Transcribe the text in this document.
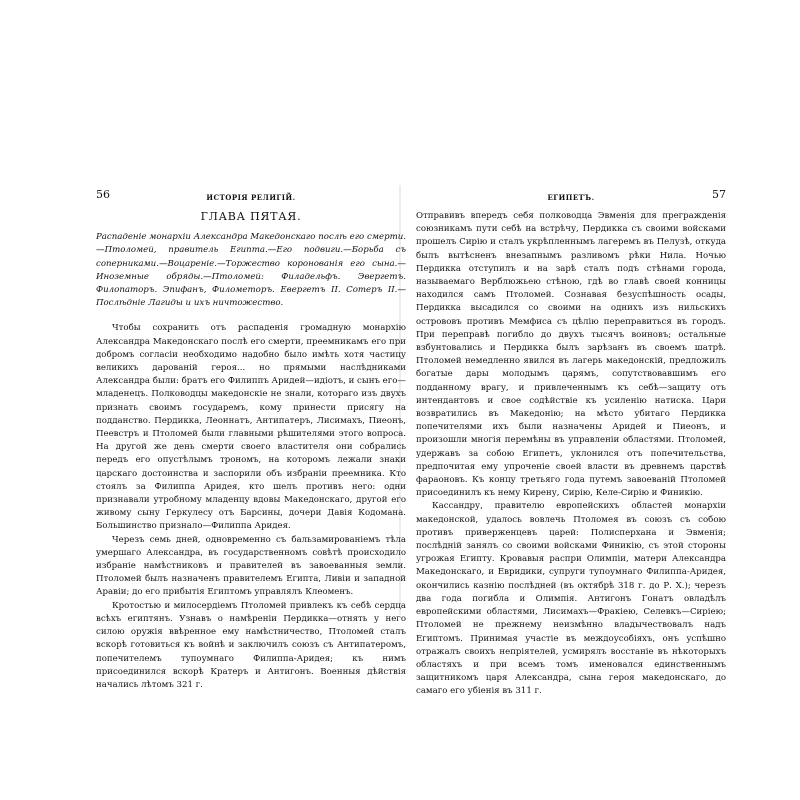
56	ИСТОРІЯ РЕЛИГІЙ.
ГЛАВА ПЯТАЯ.
Распаденіе монархіи Александра Македонскаго послѣ его смерти.—Птоломей, правитель Египта.—Его подвиги.—Борьба съ соперниками.—Воцареніе.—Торжество коронованія его сына.—Иноземные обряды.—Птоломей: Филадельфъ. Эвергетъ. Филопаторъ. Эпифанъ, Филометоръ. Евергетъ II. Сотеръ II.—Послѣдніе Лагиды и ихъ ничтожество.

Чтобы сохранить отъ распаденія громадную монархію Александра Македонскаго послѣ его смерти, преемникамъ его при добромъ согласіи необходимо надобно было имѣть хотя частицу великихъ дарованій героя... но прямыми наслѣдниками Александра были: братъ его Филиппъ Аридей—идіотъ, и сынъ его—младенецъ. Полководцы македонскіе не знали, котораго изъ двухъ признать своимъ государемъ, кому принести присягу на подданство. Пердикка, Леоннатъ, Антипатеръ, Лисимахъ, Пиеонъ, Пеевстръ и Птоломей были главными рѣшителями этого вопроса. На другой же день смерти своего властителя они собрались передъ его опустѣлымъ трономъ, на которомъ лежали знаки царскаго достоинства и заспорили объ избраніи преемника. Кто стоялъ за Филиппа Аридея, кто шелъ противъ него: одни признавали утробному младенцу вдовы Македонскаго, другой его живому сыну Геркулесу отъ Барсины, дочери Давія Кодомана. Большинство признало—Филиппа Аридея.

Черезъ семь дней, одновременно съ бальзамированіемъ тѣла умершаго Александра, въ государственномъ совѣтѣ происходило избраніе намѣстниковъ и правителей въ завоеванныя земли. Птоломей былъ назначенъ правителемъ Египта, Ливіи и западной Аравіи; до его прибытія Египтомъ управлялъ Клеоменъ.

Кротостью и милосердіемъ Птоломей привлекъ къ себѣ сердца всѣхъ египтянъ. Узнавъ о намѣреніи Пердикка—отнять у него силою оружія ввѣренное ему намѣстничество, Птоломей сталъ вскорѣ готовиться къ войнѣ и заключилъ союзъ съ Антипатеромъ, попечителемъ тупоумнаго Филиппа-Аридея; къ нимъ присоединился вскорѣ Кратеръ и Антигонъ. Военныя дѣйствія начались лѣтомъ 321 г.

ЕГИПЕТЪ.	57

Отправивъ впередъ себя полководца Эвменія для преграждeнія союзникамъ пути себѣ на встрѣчу, Пердикка съ своими войсками прошелъ Сирію и сталъ укрѣпленнымъ лагеремъ въ Пелузѣ, откуда былъ вытѣсненъ внезапнымъ разливомъ рѣки Нила. Ночью Пердикка отступилъ и на зарѣ сталъ подъ стѣнами города, называемаго Верблюжьею стѣною, гдѣ во главѣ своей конницы находился самъ Птоломей. Сознавая безуспѣшность осады, Пердикка высадился со своими на однихъ изъ нильскихъ острововъ противъ Мемфиса съ цѣлію переправиться въ городъ. При переправѣ погибло до двухъ тысячъ воиновъ; остальные взбунтовались и Пердикка былъ зарѣзанъ въ своемъ шатрѣ. Птоломей немедленно явился въ лагерь македонскій, предложилъ богатые дары молодымъ царямъ, сопутствовавшимъ его подданному врагу, и привлеченнымъ къ себѣ—защиту отъ интендантовъ и свое содѣйствіе къ усиленію натиска. Цари возвратились въ Македонію; на мѣсто убитаго Пердикка попечителями ихъ были назначены Аридей и Пиеонъ, и произошли многія перемѣны въ управленіи областями. Птоломей, удержавъ за собою Египетъ, уклонился отъ попечительства, предпочитая ему упроченіе своей власти въ древнемъ царствѣ фараоновъ. Къ концу третьяго года путемъ завоеваній Птоломей присоединилъ къ нему Кирену, Сирію, Келе-Сирію и Финикію.

Кассандру, правителю европейскихъ областей монархіи македонской, удалось вовлечь Птоломея въ союзъ съ собою противъ приверженцевъ царей: Полисперхана и Эвменія; послѣдній занялъ со своими войсками Финикію, съ этой стороны угрожая Египту. Кровавыя распри Олимпіи, матери Александра Македонскаго, и Евридики, супруги тупоумнаго Филиппа-Аридея, окончились казнію послѣдней (въ октябрѣ 318 г. до Р. Х.); черезъ два года погибла и Олимпія. Антигонъ Гонатъ овладѣлъ европейскими областями, Лисимахъ—Фракіею, Селевкъ—Сиріею; Птоломей не прежнему неизмѣнно владычествовалъ надъ Египтомъ. Принимая участіе въ междоусобіяхъ, онъ успѣшно отражалъ своихъ непріятелей, усмирялъ восстаніе въ нѣкоторыхъ областяхъ и при всемъ томъ именовался единственнымъ защитникомъ царя Александра, сына героя македонскаго, до самаго его убіенія въ 311 г.
